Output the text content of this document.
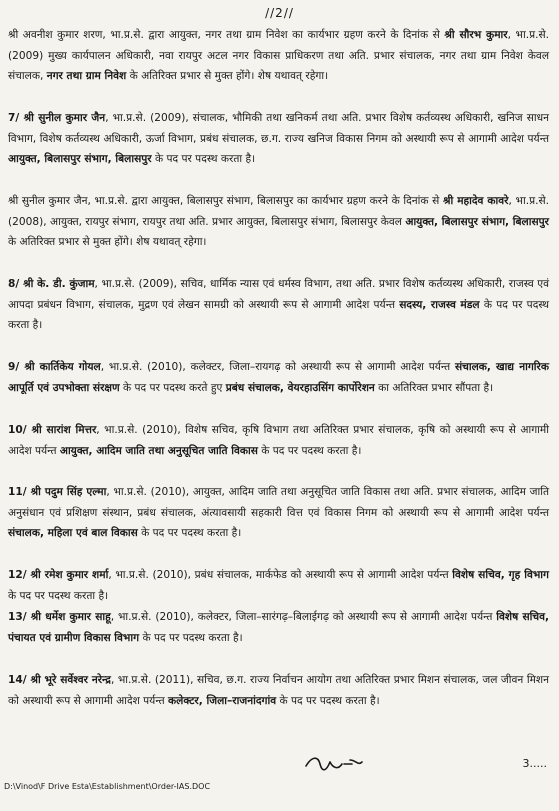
//2//

श्री अवनीश कुमार शरण, भा.प्र.से. द्वारा आयुक्त, नगर तथा ग्राम निवेश का कार्यभार ग्रहण करने के दिनांक से श्री सौरभ कुमार, भा.प्र.से. (2009) मुख्य कार्यपालन अधिकारी, नवा रायपुर अटल नगर विकास प्राधिकरण तथा अति. प्रभार संचालक, नगर तथा ग्राम निवेश केवल संचालक, नगर तथा ग्राम निवेश के अतिरिक्त प्रभार से मुक्त होंगे। शेष यथावत् रहेगा।

7/ श्री सुनील कुमार जैन, भा.प्र.से. (2009), संचालक, भौमिकी तथा खनिकर्म तथा अति. प्रभार विशेष कर्तव्यस्थ अधिकारी, खनिज साधन विभाग, विशेष कर्तव्यस्थ अधिकारी, ऊर्जा विभाग, प्रबंध संचालक, छ.ग. राज्य खनिज विकास निगम को अस्थायी रूप से आगामी आदेश पर्यन्त आयुक्त, बिलासपुर संभाग, बिलासपुर के पद पर पदस्थ करता है।

श्री सुनील कुमार जैन, भा.प्र.से. द्वारा आयुक्त, बिलासपुर संभाग, बिलासपुर का कार्यभार ग्रहण करने के दिनांक से श्री महादेव कावरे, भा.प्र.से.(2008), आयुक्त, रायपुर संभाग, रायपुर तथा अति. प्रभार आयुक्त, बिलासपुर संभाग, बिलासपुर केवल आयुक्त, बिलासपुर संभाग, बिलासपुर के अतिरिक्त प्रभार से मुक्त होंगे। शेष यथावत् रहेगा।

8/ श्री के. डी. कुंजाम, भा.प्र.से. (2009), सचिव, धार्मिक न्यास एवं धर्मस्व विभाग, तथा अति. प्रभार विशेष कर्तव्यस्थ अधिकारी, राजस्व एवं आपदा प्रबंधन विभाग, संचालक, मुद्रण एवं लेखन सामग्री को अस्थायी रूप से आगामी आदेश पर्यन्त सदस्य, राजस्व मंडल के पद पर पदस्थ करता है।

9/ श्री कार्तिकेय गोयल, भा.प्र.से. (2010), कलेक्टर, जिला–रायगढ़ को अस्थायी रूप से आगामी आदेश पर्यन्त संचालक, खाद्य नागरिक आपूर्ति एवं उपभोक्ता संरक्षण के पद पर पदस्थ करते हुए प्रबंध संचालक, वेयरहाउसिंग कार्पोरेशन का अतिरिक्त प्रभार सौंपता है।

10/ श्री सारांश मित्तर, भा.प्र.से. (2010), विशेष सचिव, कृषि विभाग तथा अतिरिक्त प्रभार संचालक, कृषि को अस्थायी रूप से आगामी आदेश पर्यन्त आयुक्त, आदिम जाति तथा अनुसूचित जाति विकास के पद पर पदस्थ करता है।

11/ श्री पदुम सिंह एल्मा, भा.प्र.से. (2010), आयुक्त, आदिम जाति तथा अनुसूचित जाति विकास तथा अति. प्रभार संचालक, आदिम जाति अनुसंधान एवं प्रशिक्षण संस्थान, प्रबंध संचालक, अंत्यावसायी सहकारी वित्त एवं विकास निगम को अस्थायी रूप से आगामी आदेश पर्यन्त संचालक, महिला एवं बाल विकास के पद पर पदस्थ करता है।

12/ श्री रमेश कुमार शर्मा, भा.प्र.से. (2010), प्रबंध संचालक, मार्कफेड को अस्थायी रूप से आगामी आदेश पर्यन्त विशेष सचिव, गृह विभाग के पद पर पदस्थ करता है।

13/ श्री धर्मेश कुमार साहू, भा.प्र.से. (2010), कलेक्टर, जिला–सारंगढ़–बिलाईगढ़ को अस्थायी रूप से आगामी आदेश पर्यन्त विशेष सचिव, पंचायत एवं ग्रामीण विकास विभाग के पद पर पदस्थ करता है।

14/ श्री भूरे सर्वेश्वर नरेन्द्र, भा.प्र.से. (2011), सचिव, छ.ग. राज्य निर्वाचन आयोग तथा अतिरिक्त प्रभार मिशन संचालक, जल जीवन मिशन को अस्थायी रूप से आगामी आदेश पर्यन्त कलेक्टर, जिला–राजनांदगांव के पद पर पदस्थ करता है।

3.....
D:\Vinod\F Drive Esta\Establishment\Order-IAS.DOC
